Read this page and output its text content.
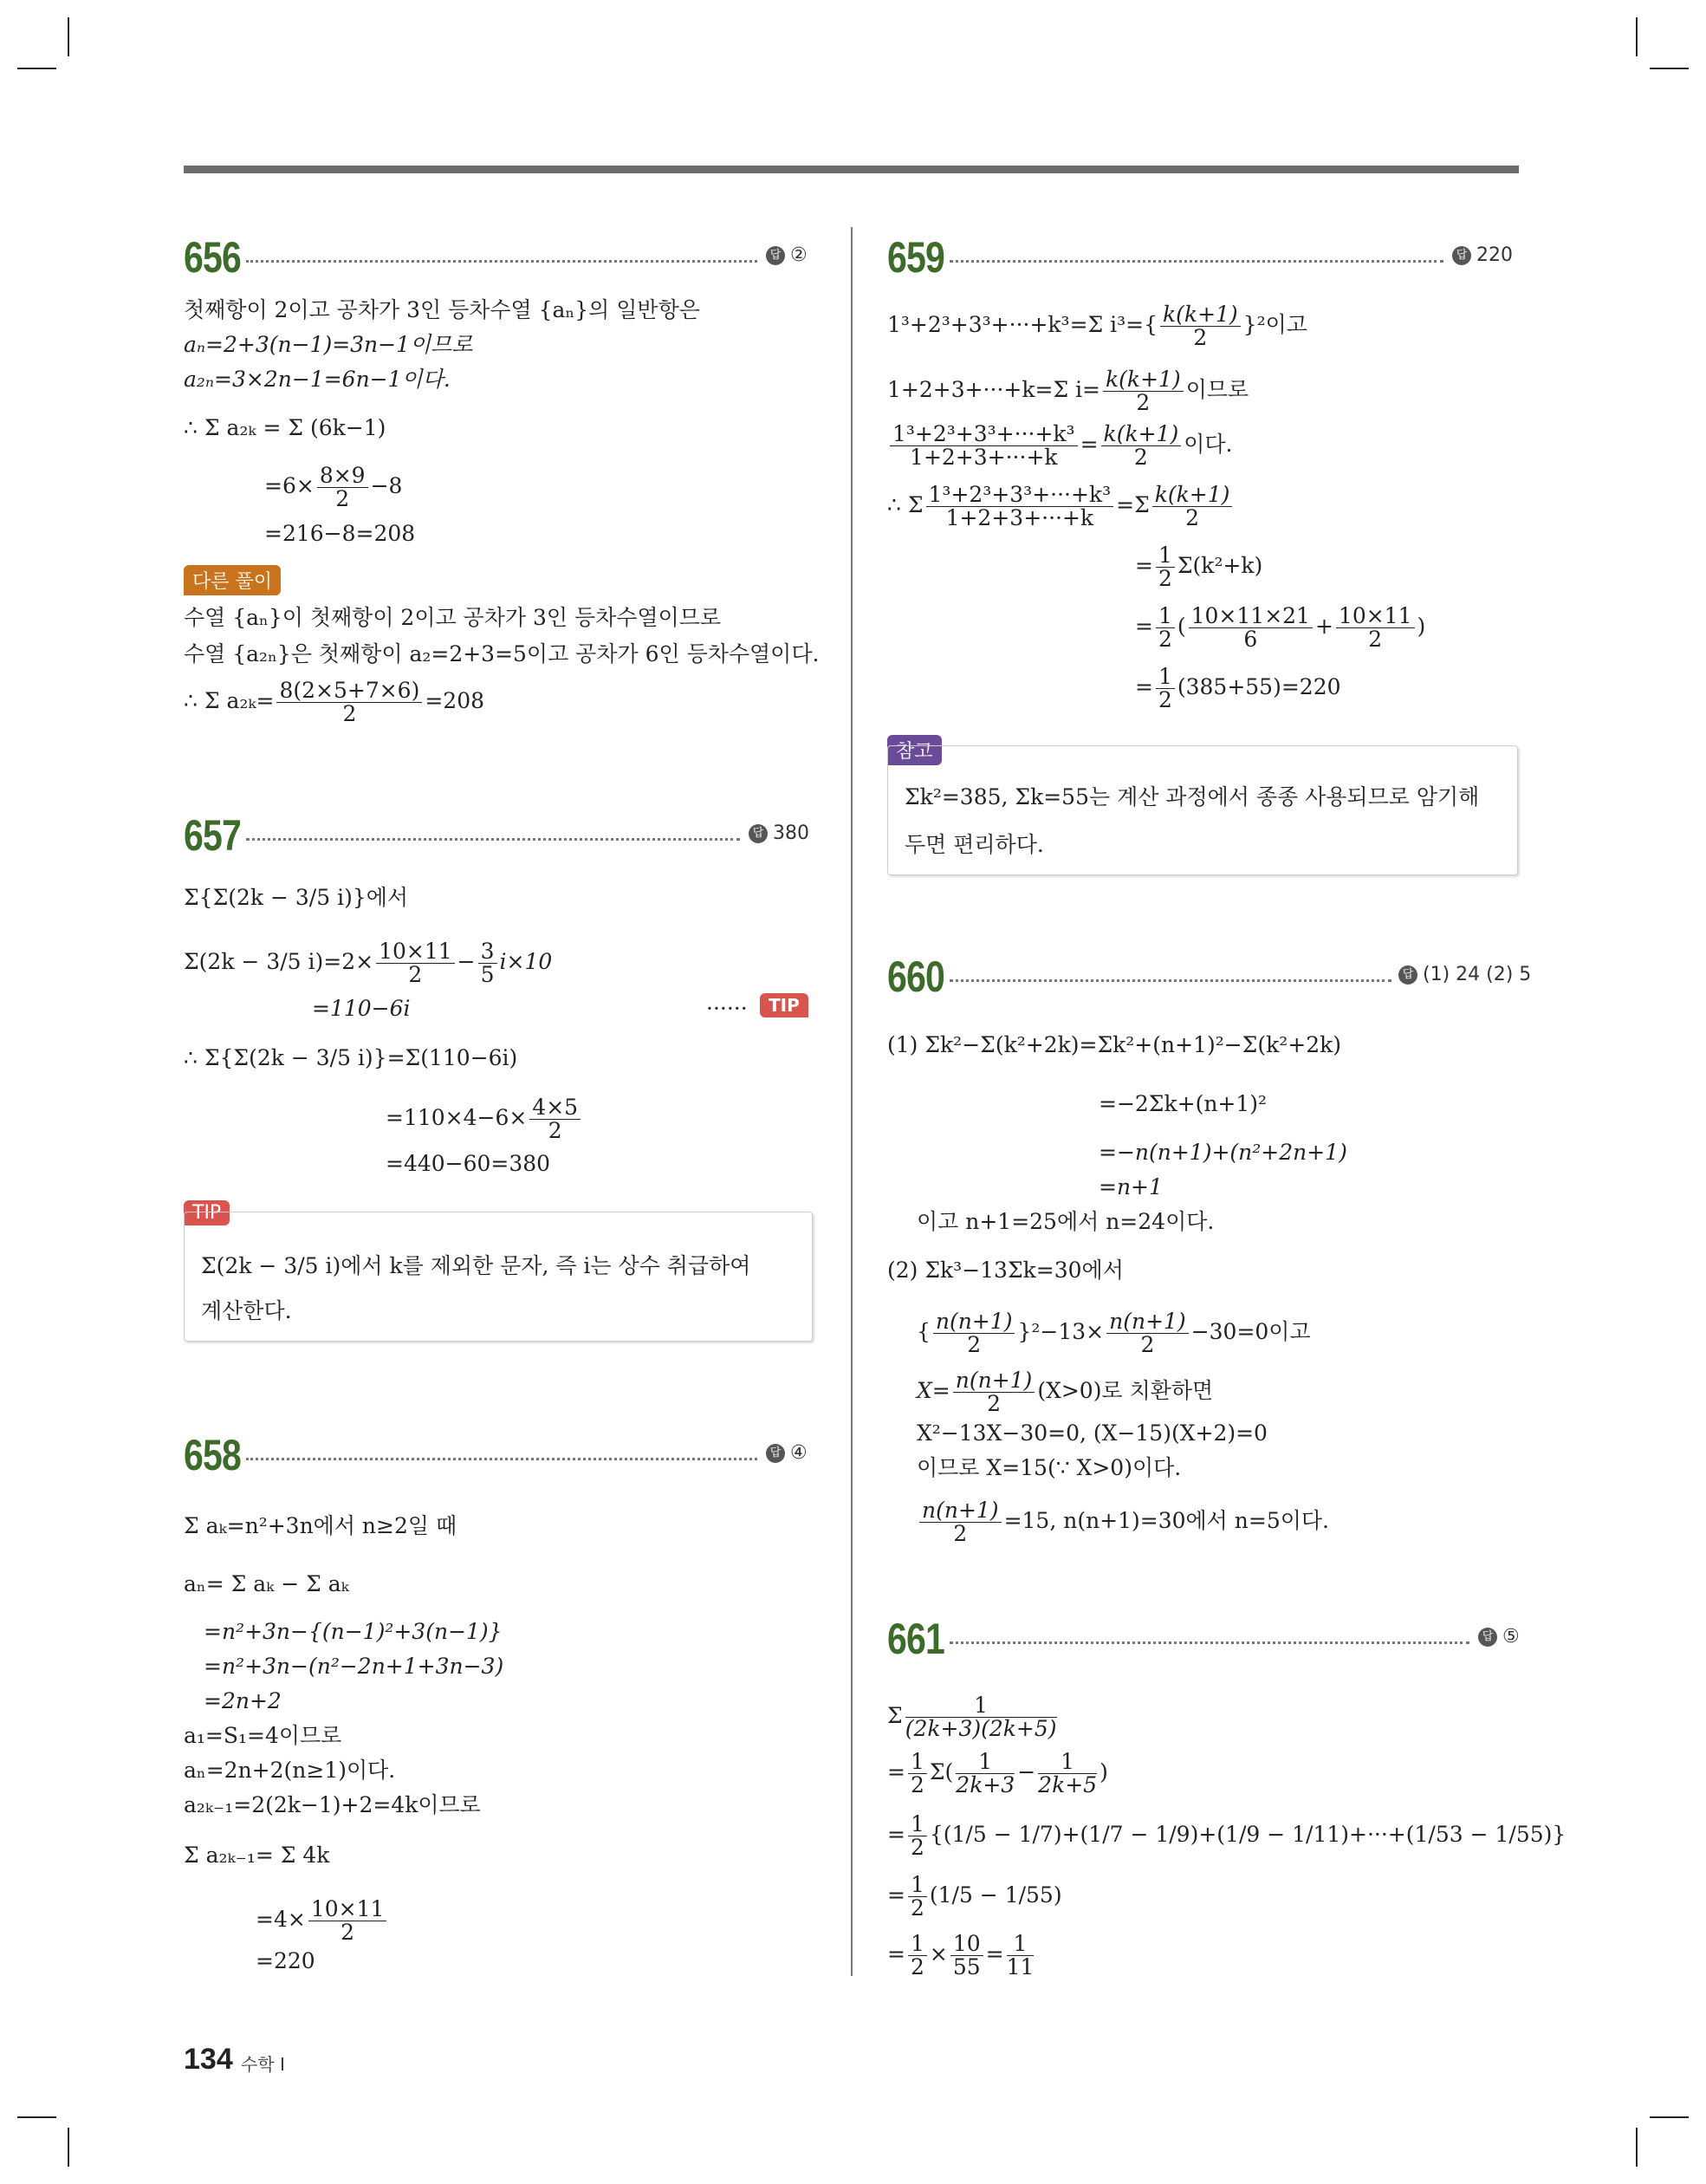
656	답 ②
첫째항이 2이고 공차가 3인 등차수열 {aₙ}의 일반항은
aₙ=2+3(n−1)=3n−1이므로
a₂ₙ=3×2n−1=6n−1이다.
∴ Σ a₂ₖ = Σ (6k−1)
$=6\times \frac{8\times 9}{2} -8$
=216−8=208
다른 풀이
수열 {aₙ}이 첫째항이 2이고 공차가 3인 등차수열이므로
수열 {a₂ₙ}은 첫째항이 a₂=2+3=5이고 공차가 6인 등차수열이다.
∴ Σ $a_{2k}= \frac{8(2\times 5+7\times 6)}{2} =208$
657	답 380
Σ{Σ(2k − 3/5 i)}에서
Σ(2k − 3/5 $i)=2\times \frac{10\times 11}{2} - \frac{3}{5} i\times 10$
=110−6i	······	TIP
∴ Σ{Σ(2k − 3/5 i)}=Σ(110−6i)
$=110\times 4-6\times \frac{4\times 5}{2}$
=440−60=380
TIP
Σ(2k − 3/5 i)에서 k를 제외한 문자, 즉 i는 상수 취급하여
계산한다.
658	답 ④
Σ aₖ=n²+3n에서 n≥2일 때
aₙ= Σ aₖ − Σ aₖ
=n²+3n−{(n−1)²+3(n−1)}
=n²+3n−(n²−2n+1+3n−3)
=2n+2
a₁=S₁=4이므로
aₙ=2n+2(n≥1)이다.
a₂ₖ₋₁=2(2k−1)+2=4k이므로
Σ a₂ₖ₋₁= Σ 4k
$=4\times \frac{10\times 11}{2}$
=220
659	답 220
1³+2³+3³+···+k³=Σ $i^3=\{ \frac{k(k+1)}{2} \}^2$이고
1+2+3+···+k=Σ $i= \frac{k(k+1)}{2}$ 이므로
$\frac{\text{1³+2³+3³+···+k³}}{1+2+3+\cdot\cdot\cdot+k} = \frac{k(k+1)}{2}$ 이다.
∴ Σ $\frac{\text{1³+2³+3³+···+k³}}{1+2+3+\cdot\cdot\cdot+k} =\Sigma \frac{k(k+1)}{2}$
= $\frac{1}{2} \Sigma(k^2+k)$
= $\frac{1}{2}$ ( $\frac{10\times 11\times 21}{6} + \frac{10\times 11}{2}$ )
= $\frac{1}{2} (385+55)=220$
참고
Σk²=385, Σk=55는 계산 과정에서 종종 사용되므로 암기해
두면 편리하다.
660	답 (1) 24 (2) 5
(1) Σk²−Σ(k²+2k)=Σk²+(n+1)²−Σ(k²+2k)
=−2Σk+(n+1)²
=−n(n+1)+(n²+2n+1)
=n+1
이고 n+1=25에서 n=24이다.
(2) Σk³−13Σk=30에서
{ $\frac{n(n+1)}{2} \}^2-13\times \frac{n(n+1)}{2} -30=0$이고
$X= \frac{n(n+1)}{2} (X>0)$로 치환하면
X²−13X−30=0, (X−15)(X+2)=0
이므로 X=15(∵ X>0)이다.
$\frac{n(n+1)}{2} =15$, n(n+1)=30에서 n=5이다.
661	답 ⑤
Σ $\frac{1}{(2k+3)(2k+5)}$
= $\frac{1}{2} \Sigma( \frac{1}{2k+3} - \frac{1}{2k+5}$ )
= $\frac{1}{2} \{(1/5 - 1/7)+(1/7 - 1/9)+(1/9 - 1/11)+\cdot\cdot\cdot+(1/53 - 1/55)\}$
= $\frac{1}{2} (1/5 - 1/55)$
= $\frac{1}{2} \times \frac{10}{55} = \frac{1}{11}$
134 수학 I
